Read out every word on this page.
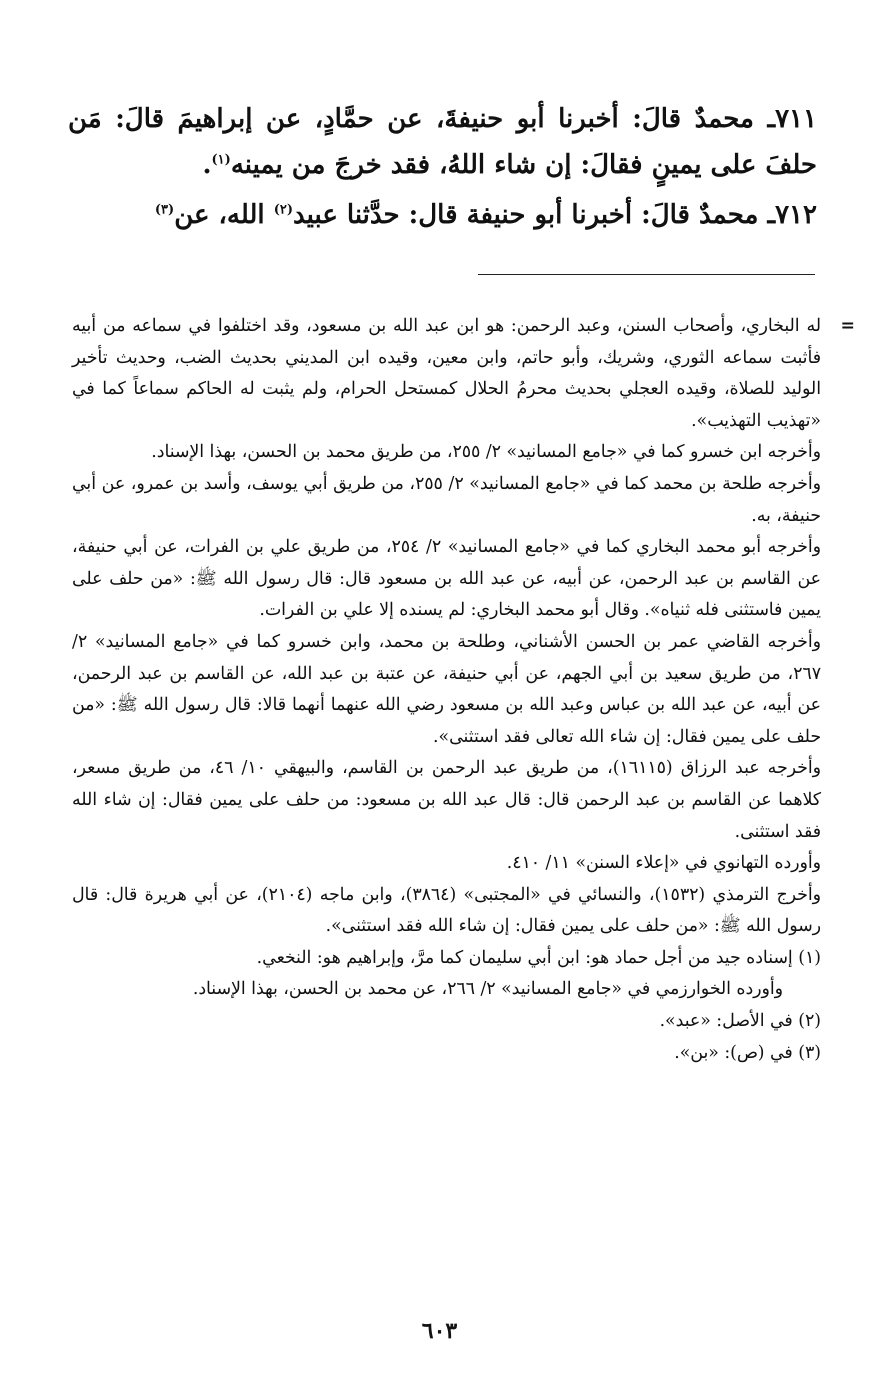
٧١١ـ محمدٌ قالَ: أخبرنا أبو حنيفةَ، عن حمَّادٍ، عن إبراهيمَ قالَ: مَن حلفَ على يمينٍ فقالَ: إن شاء اللهُ، فقد خرجَ من يمينه$^{(١)}$.

٧١٢ـ محمدٌ قالَ: أخبرنا أبو حنيفة قال: حدَّثنا عبيد$^{(٢)}$ الله، عن$^{(٣)}$

=
له البخاري، وأصحاب السنن، وعبد الرحمن: هو ابن عبد الله بن مسعود، وقد اختلفوا في سماعه من أبيه فأثبت سماعه الثوري، وشريك، وأبو حاتم، وابن معين، وقيده ابن المديني بحديث الضب، وحديث تأخير الوليد للصلاة، وقيده العجلي بحديث محرمُ الحلال كمستحل الحرام، ولم يثبت له الحاكم سماعاً كما في «تهذيب التهذيب».

وأخرجه ابن خسرو كما في «جامع المسانيد» ٢/ ٢٥٥، من طريق محمد بن الحسن، بهذا الإسناد.

وأخرجه طلحة بن محمد كما في «جامع المسانيد» ٢/ ٢٥٥، من طريق أبي يوسف، وأسد بن عمرو، عن أبي حنيفة، به.

وأخرجه أبو محمد البخاري كما في «جامع المسانيد» ٢/ ٢٥٤، من طريق علي بن الفرات، عن أبي حنيفة، عن القاسم بن عبد الرحمن، عن أبيه، عن عبد الله بن مسعود قال: قال رسول الله ﷺ: «من حلف على يمين فاستثنى فله ثنياه». وقال أبو محمد البخاري: لم يسنده إلا علي بن الفرات.

وأخرجه القاضي عمر بن الحسن الأشناني، وطلحة بن محمد، وابن خسرو كما في «جامع المسانيد» ٢/ ٢٦٧، من طريق سعيد بن أبي الجهم، عن أبي حنيفة، عن عتبة بن عبد الله، عن القاسم بن عبد الرحمن، عن أبيه، عن عبد الله بن عباس وعبد الله بن مسعود رضي الله عنهما أنهما قالا: قال رسول الله ﷺ: «من حلف على يمين فقال: إن شاء الله تعالى فقد استثنى».

وأخرجه عبد الرزاق (١٦١١٥)، من طريق عبد الرحمن بن القاسم، والبيهقي ١٠/ ٤٦، من طريق مسعر، كلاهما عن القاسم بن عبد الرحمن قال: قال عبد الله بن مسعود: من حلف على يمين فقال: إن شاء الله فقد استثنى.

وأورده التهانوي في «إعلاء السنن» ١١/ ٤١٠.

وأخرج الترمذي (١٥٣٢)، والنسائي في «المجتبى» (٣٨٦٤)، وابن ماجه (٢١٠٤)، عن أبي هريرة قال: قال رسول الله ﷺ: «من حلف على يمين فقال: إن شاء الله فقد استثنى».

(١) إسناده جيد من أجل حماد هو: ابن أبي سليمان كما مرَّ، وإبراهيم هو: النخعي.

وأورده الخوارزمي في «جامع المسانيد» ٢/ ٢٦٦، عن محمد بن الحسن، بهذا الإسناد.

(٢) في الأصل: «عبد».

(٣) في (ص): «بن».

٦٠٣
